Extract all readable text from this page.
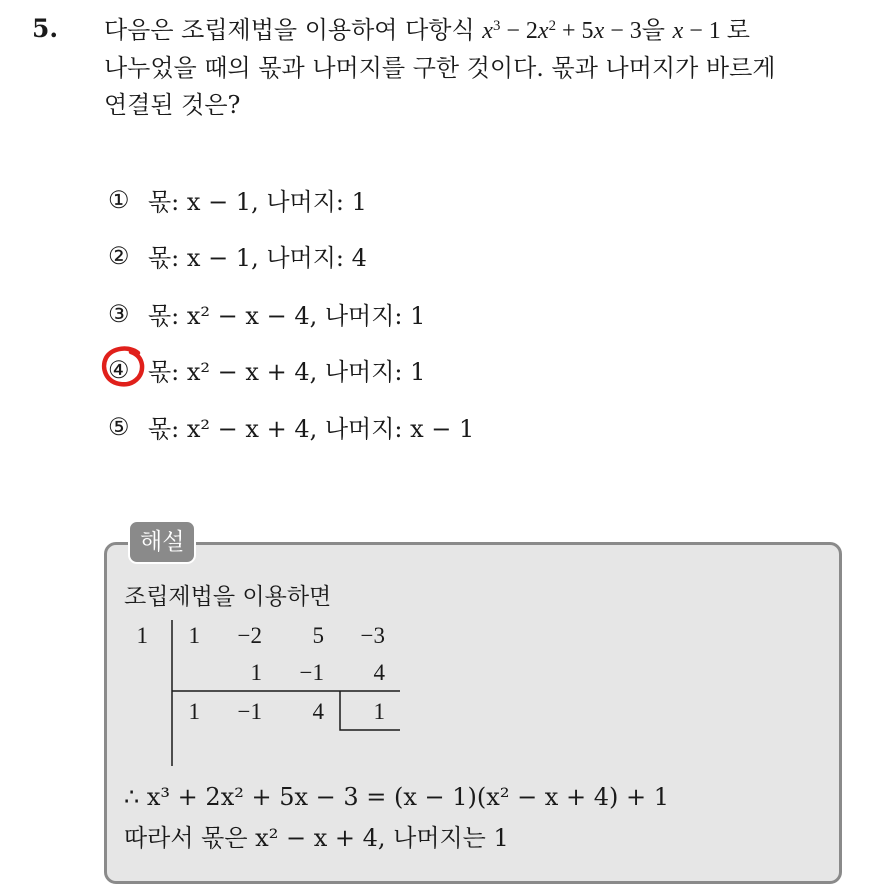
5. 다음은 조립제법을 이용하여 다항식 $x^3 - 2x^2 + 5x - 3$을 x − 1 로
나누었을 때의 몫과 나머지를 구한 것이다. 몫과 나머지가 바르게
연결된 것은?
① 몫: x − 1, 나머지: 1
② 몫: x − 1, 나머지: 4
③ 몫: x² − x − 4, 나머지: 1
④ 몫: x² − x + 4, 나머지: 1
⑤ 몫: x² − x + 4, 나머지: x − 1
해설
조립제법을 이용하면
1 1 −2 5 −3
1 −1 4
1 −1 4 1
∴ x³ + 2x² + 5x − 3 = (x − 1)(x² − x + 4) + 1
따라서 몫은 x² − x + 4, 나머지는 1
